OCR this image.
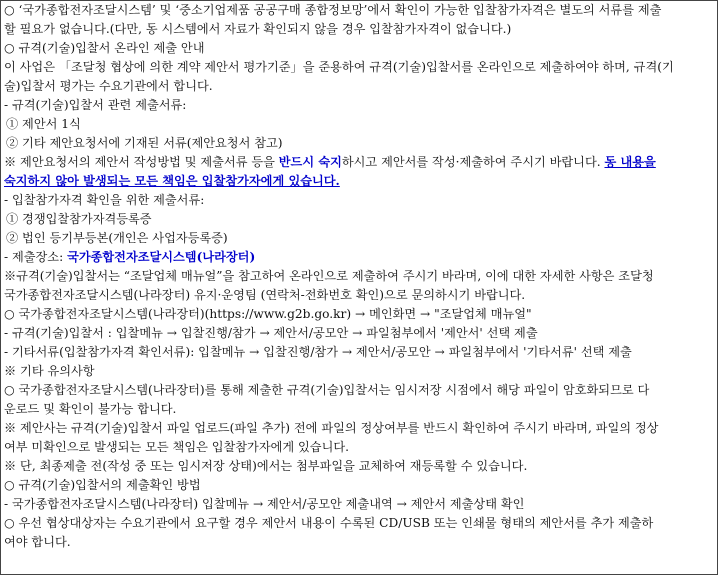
○ ‘국가종합전자조달시스템’ 및 ‘중소기업제품 공공구매 종합정보망’에서 확인이 가능한 입찰참가자격은 별도의 서류를 제출
할 필요가 없습니다.(다만, 동 시스템에서 자료가 확인되지 않을 경우 입찰참가자격이 없습니다.)
○ 규격(기술)입찰서 온라인 제출 안내
이 사업은 「조달청 협상에 의한 계약 제안서 평가기준」을 준용하여 규격(기술)입찰서를 온라인으로 제출하여야 하며, 규격(기
술)입찰서 평가는 수요기관에서 합니다.
- 규격(기술)입찰서 관련 제출서류:
① 제안서 1식
② 기타 제안요청서에 기재된 서류(제안요청서 참고)
※ 제안요청서의 제안서 작성방법 및 제출서류 등을 반드시 숙지하시고 제안서를 작성·제출하여 주시기 바랍니다. 동 내용을
숙지하지 않아 발생되는 모든 책임은 입찰참가자에게 있습니다.
- 입찰참가자격 확인을 위한 제출서류:
① 경쟁입찰참가자격등록증
② 법인 등기부등본(개인은 사업자등록증)
- 제출장소: 국가종합전자조달시스템(나라장터)
※규격(기술)입찰서는 “조달업체 매뉴얼”을 참고하여 온라인으로 제출하여 주시기 바라며, 이에 대한 자세한 사항은 조달청
국가종합전자조달시스템(나라장터) 유지·운영팀 (연락처-전화번호 확인)으로 문의하시기 바랍니다.
○ 국가종합전자조달시스템(나라장터)(https://www.g2b.go.kr) → 메인화면 → "조달업체 매뉴얼"
- 규격(기술)입찰서 : 입찰메뉴 → 입찰진행/참가 → 제안서/공모안 → 파일첨부에서 '제안서' 선택 제출
- 기타서류(입찰참가자격 확인서류): 입찰메뉴 → 입찰진행/참가 → 제안서/공모안 → 파일첨부에서 '기타서류' 선택 제출
※ 기타 유의사항
○ 국가종합전자조달시스템(나라장터)를 통해 제출한 규격(기술)입찰서는 임시저장 시점에서 해당 파일이 암호화되므로 다
운로드 및 확인이 불가능 합니다.
※ 제안사는 규격(기술)입찰서 파일 업로드(파일 추가) 전에 파일의 정상여부를 반드시 확인하여 주시기 바라며, 파일의 정상
여부 미확인으로 발생되는 모든 책임은 입찰참가자에게 있습니다.
※ 단, 최종제출 전(작성 중 또는 임시저장 상태)에서는 첨부파일을 교체하여 재등록할 수 있습니다.
○ 규격(기술)입찰서의 제출확인 방법
- 국가종합전자조달시스템(나라장터) 입찰메뉴 → 제안서/공모안 제출내역 → 제안서 제출상태 확인
○ 우선 협상대상자는 수요기관에서 요구할 경우 제안서 내용이 수록된 CD/USB 또는 인쇄물 형태의 제안서를 추가 제출하
여야 합니다.
